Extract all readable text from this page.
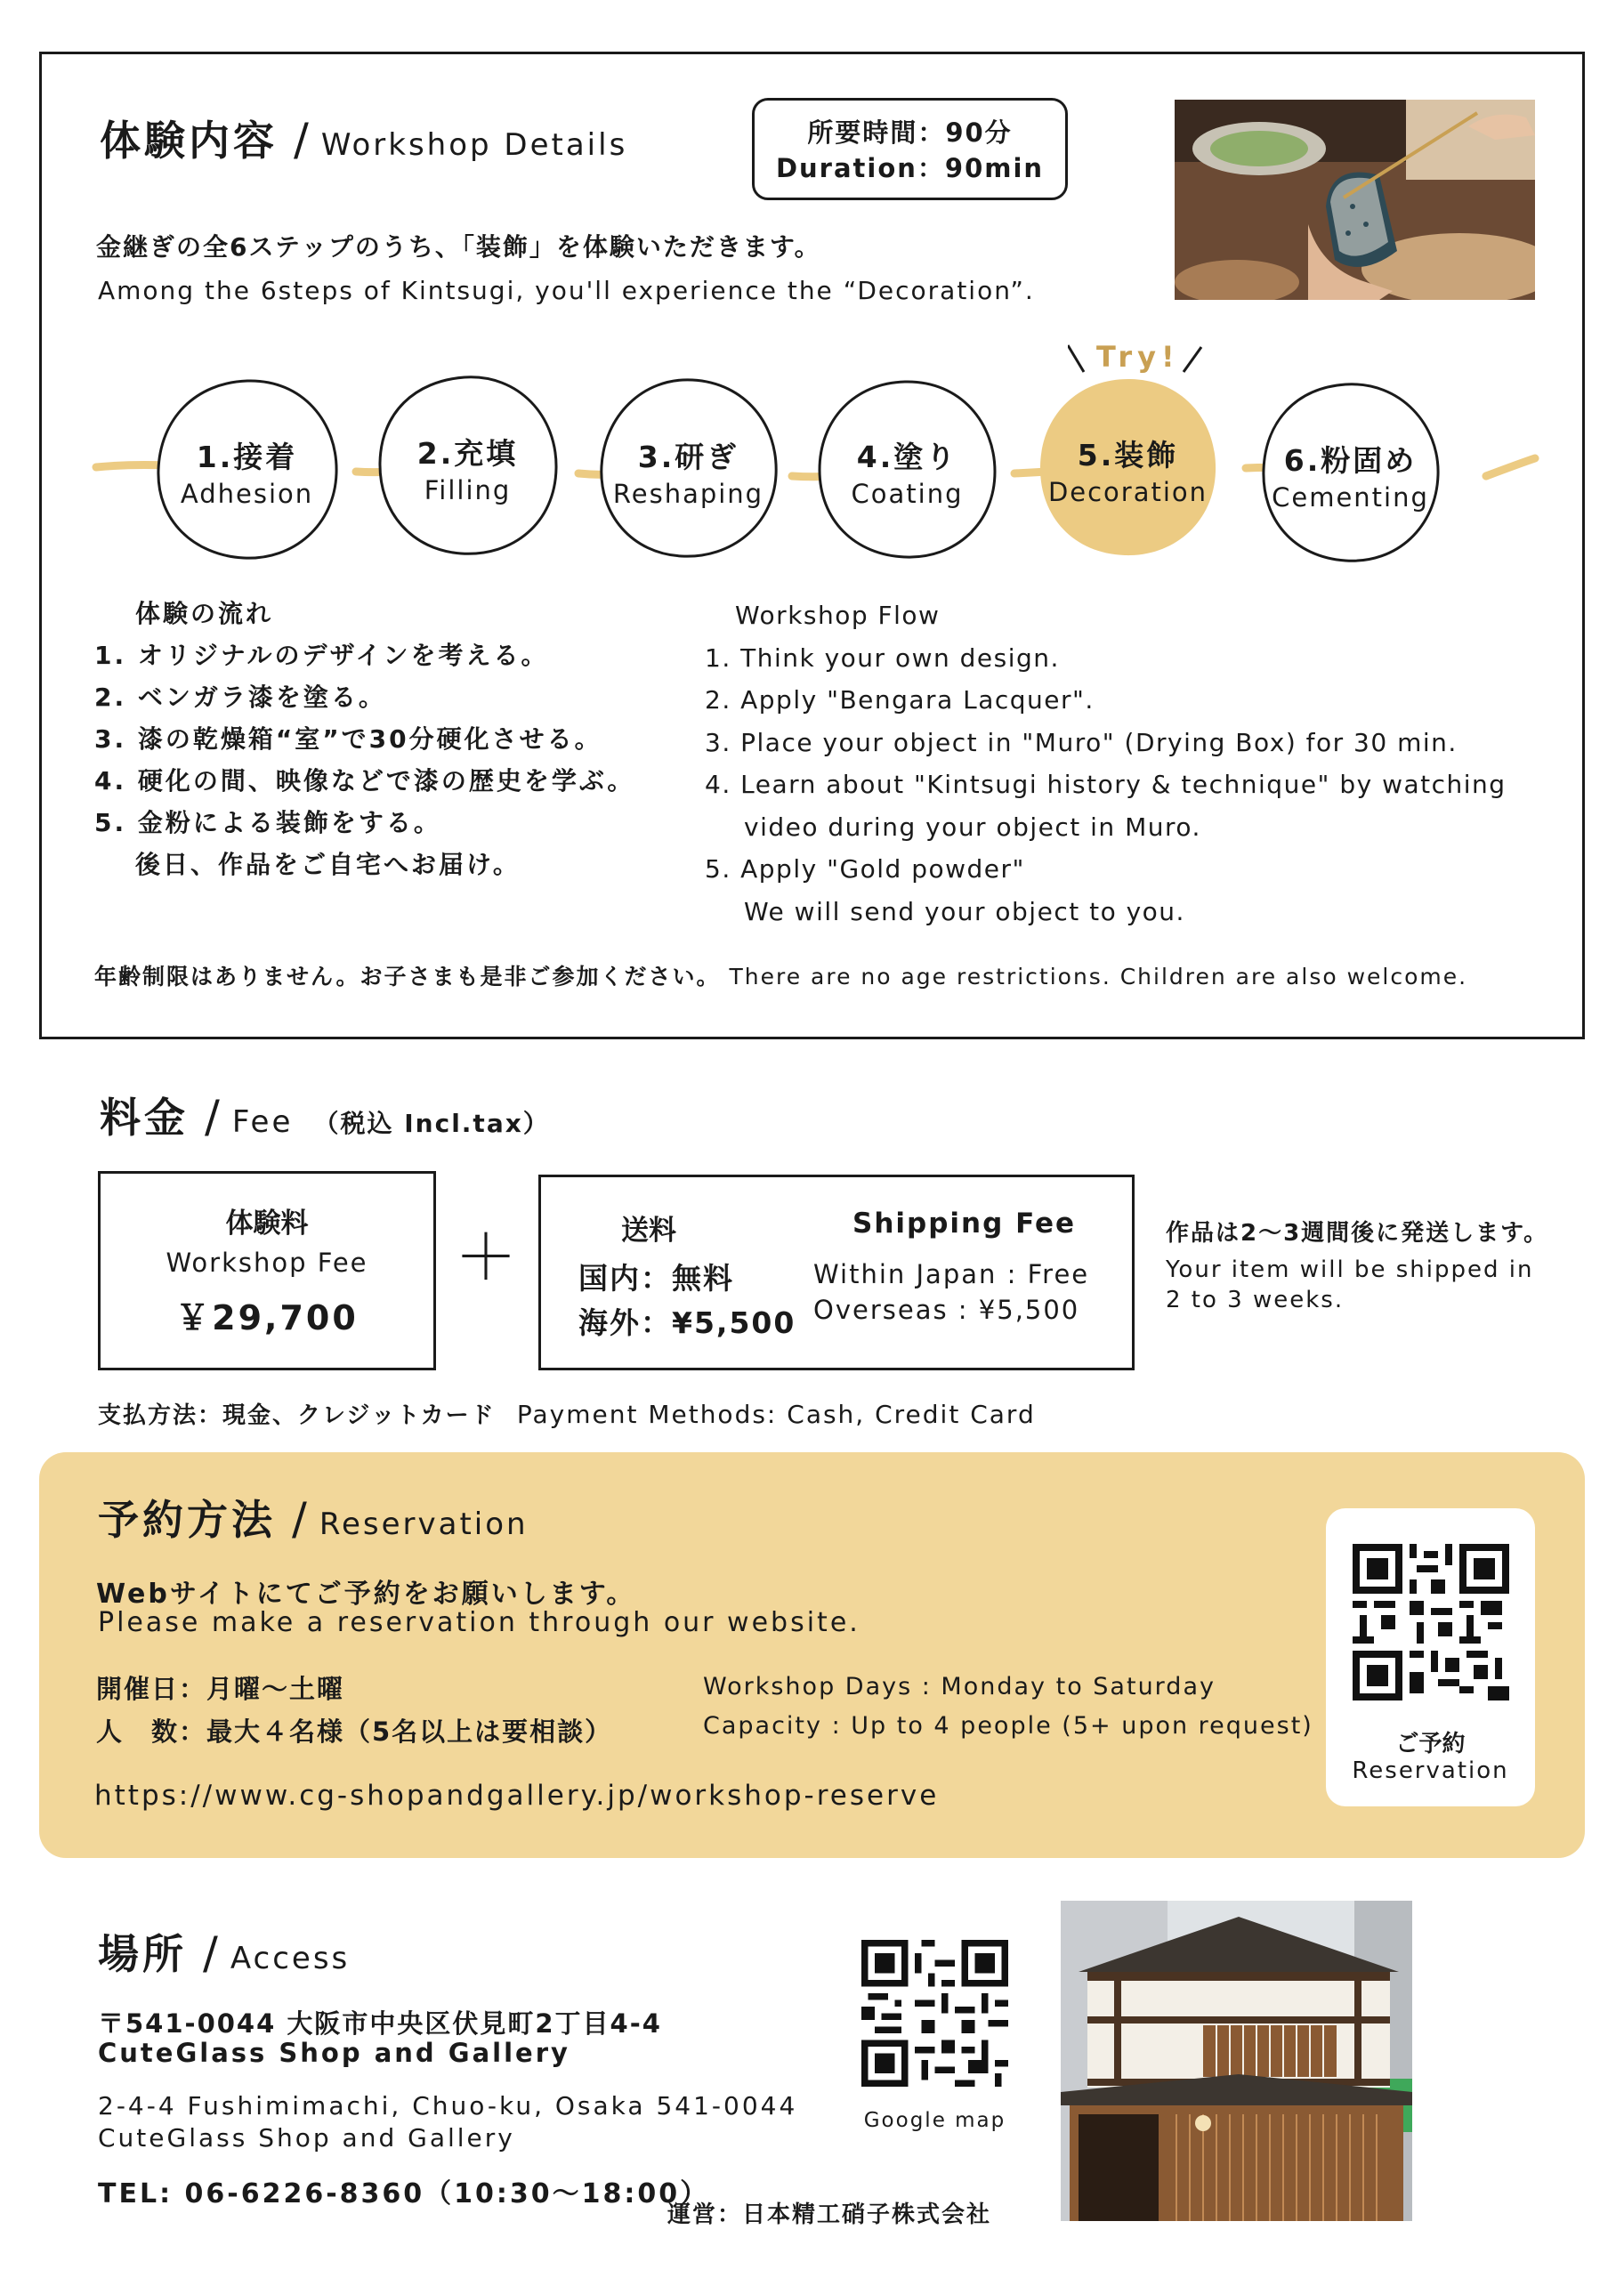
体験内容 / Workshop Details	所要時間：90分
Duration：90min
金継ぎの全6ステップのうち、「装飾」を体験いただきます。
Among the 6steps of Kintsugi, you'll experience the “Decoration”.
Try!
1.接着
Adhesion
2.充填
Filling
3.研ぎ
Reshaping
4.塗り
Coating
5.装飾
Decoration
6.粉固め
Cementing
体験の流れ
1. オリジナルのデザインを考える。
2. ベンガラ漆を塗る。
3. 漆の乾燥箱“室”で30分硬化させる。
4. 硬化の間、映像などで漆の歴史を学ぶ。
5. 金粉による装飾をする。
後日、作品をご自宅へお届け。
Workshop Flow
1. Think your own design.
2. Apply "Bengara Lacquer".
3. Place your object in "Muro" (Drying Box) for 30 min.
4. Learn about "Kintsugi history & technique" by watching
video during your object in Muro.
5. Apply "Gold powder"
We will send your object to you.
年齢制限はありません。お子さまも是非ご参加ください。 There are no age restrictions. Children are also welcome.
料金 / Fee （税込 Incl.tax）
体験料
Workshop Fee
￥29,700
＋	送料	Shipping Fee
国内：無料
海外：¥5,500
Within Japan : Free
Overseas : ¥5,500
作品は2～3週間後に発送します。
Your item will be shipped in
2 to 3 weeks.
支払方法：現金、クレジットカード Payment Methods: Cash, Credit Card
予約方法 / Reservation
Webサイトにてご予約をお願いします。
Please make a reservation through our website.
開催日：月曜～土曜
人　数：最大４名様（5名以上は要相談）
Workshop Days : Monday to Saturday
Capacity : Up to 4 people (5+ upon request)
https://www.cg-shopandgallery.jp/workshop-reserve
ご予約
Reservation
場所 / Access
〒541-0044 大阪市中央区伏見町2丁目4-4
CuteGlass Shop and Gallery
2-4-4 Fushimimachi, Chuo-ku, Osaka 541-0044
CuteGlass Shop and Gallery
TEL: 06-6226-8360（10:30～18:00）
Google map
運営：日本精工硝子株式会社
